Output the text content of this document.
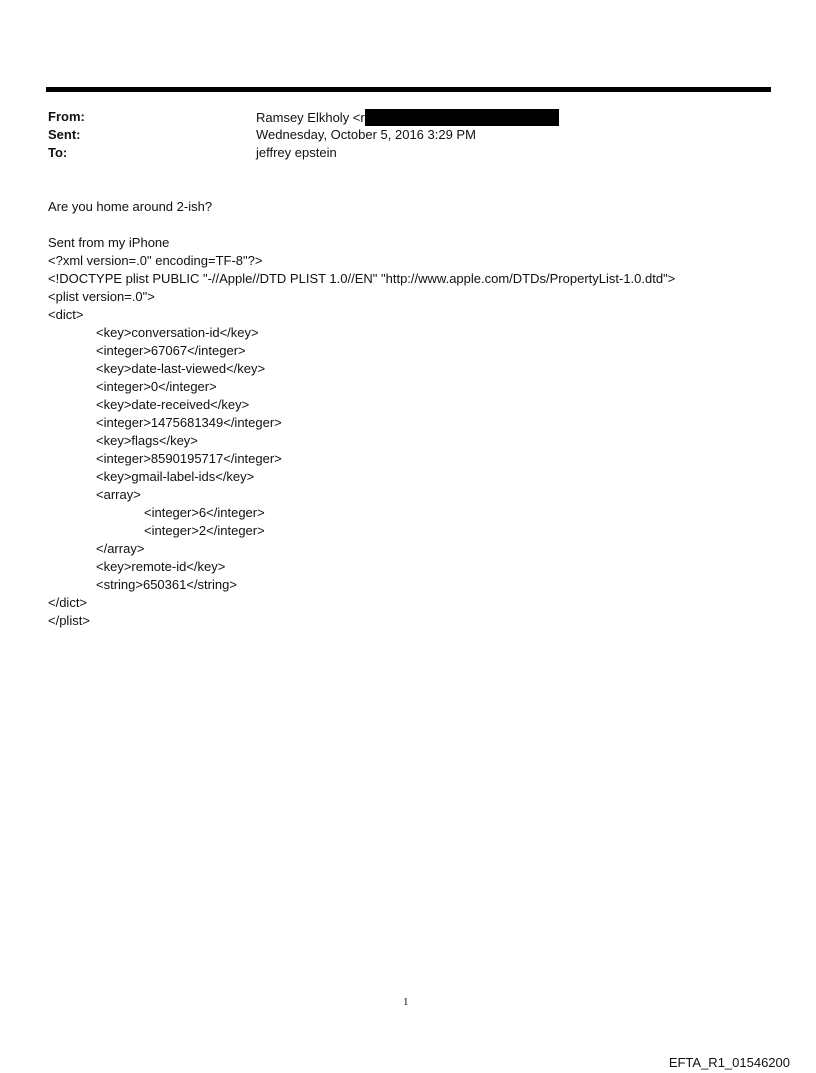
From:	Ramsey Elkholy <r
Sent:	Wednesday, October 5, 2016 3:29 PM
To:	jeffrey epstein
Are you home around 2-ish?
Sent from my iPhone
<?xml version=.0" encoding=TF-8"?>
<!DOCTYPE plist PUBLIC "-//Apple//DTD PLIST 1.0//EN" "http://www.apple.com/DTDs/PropertyList-1.0.dtd">
<plist version=.0">
<dict>
<key>conversation-id</key>
<integer>67067</integer>
<key>date-last-viewed</key>
<integer>0</integer>
<key>date-received</key>
<integer>1475681349</integer>
<key>flags</key>
<integer>8590195717</integer>
<key>gmail-label-ids</key>
<array>
<integer>6</integer>
<integer>2</integer>
</array>
<key>remote-id</key>
<string>650361</string>
</dict>
</plist>
1
EFTA_R1_01546200
